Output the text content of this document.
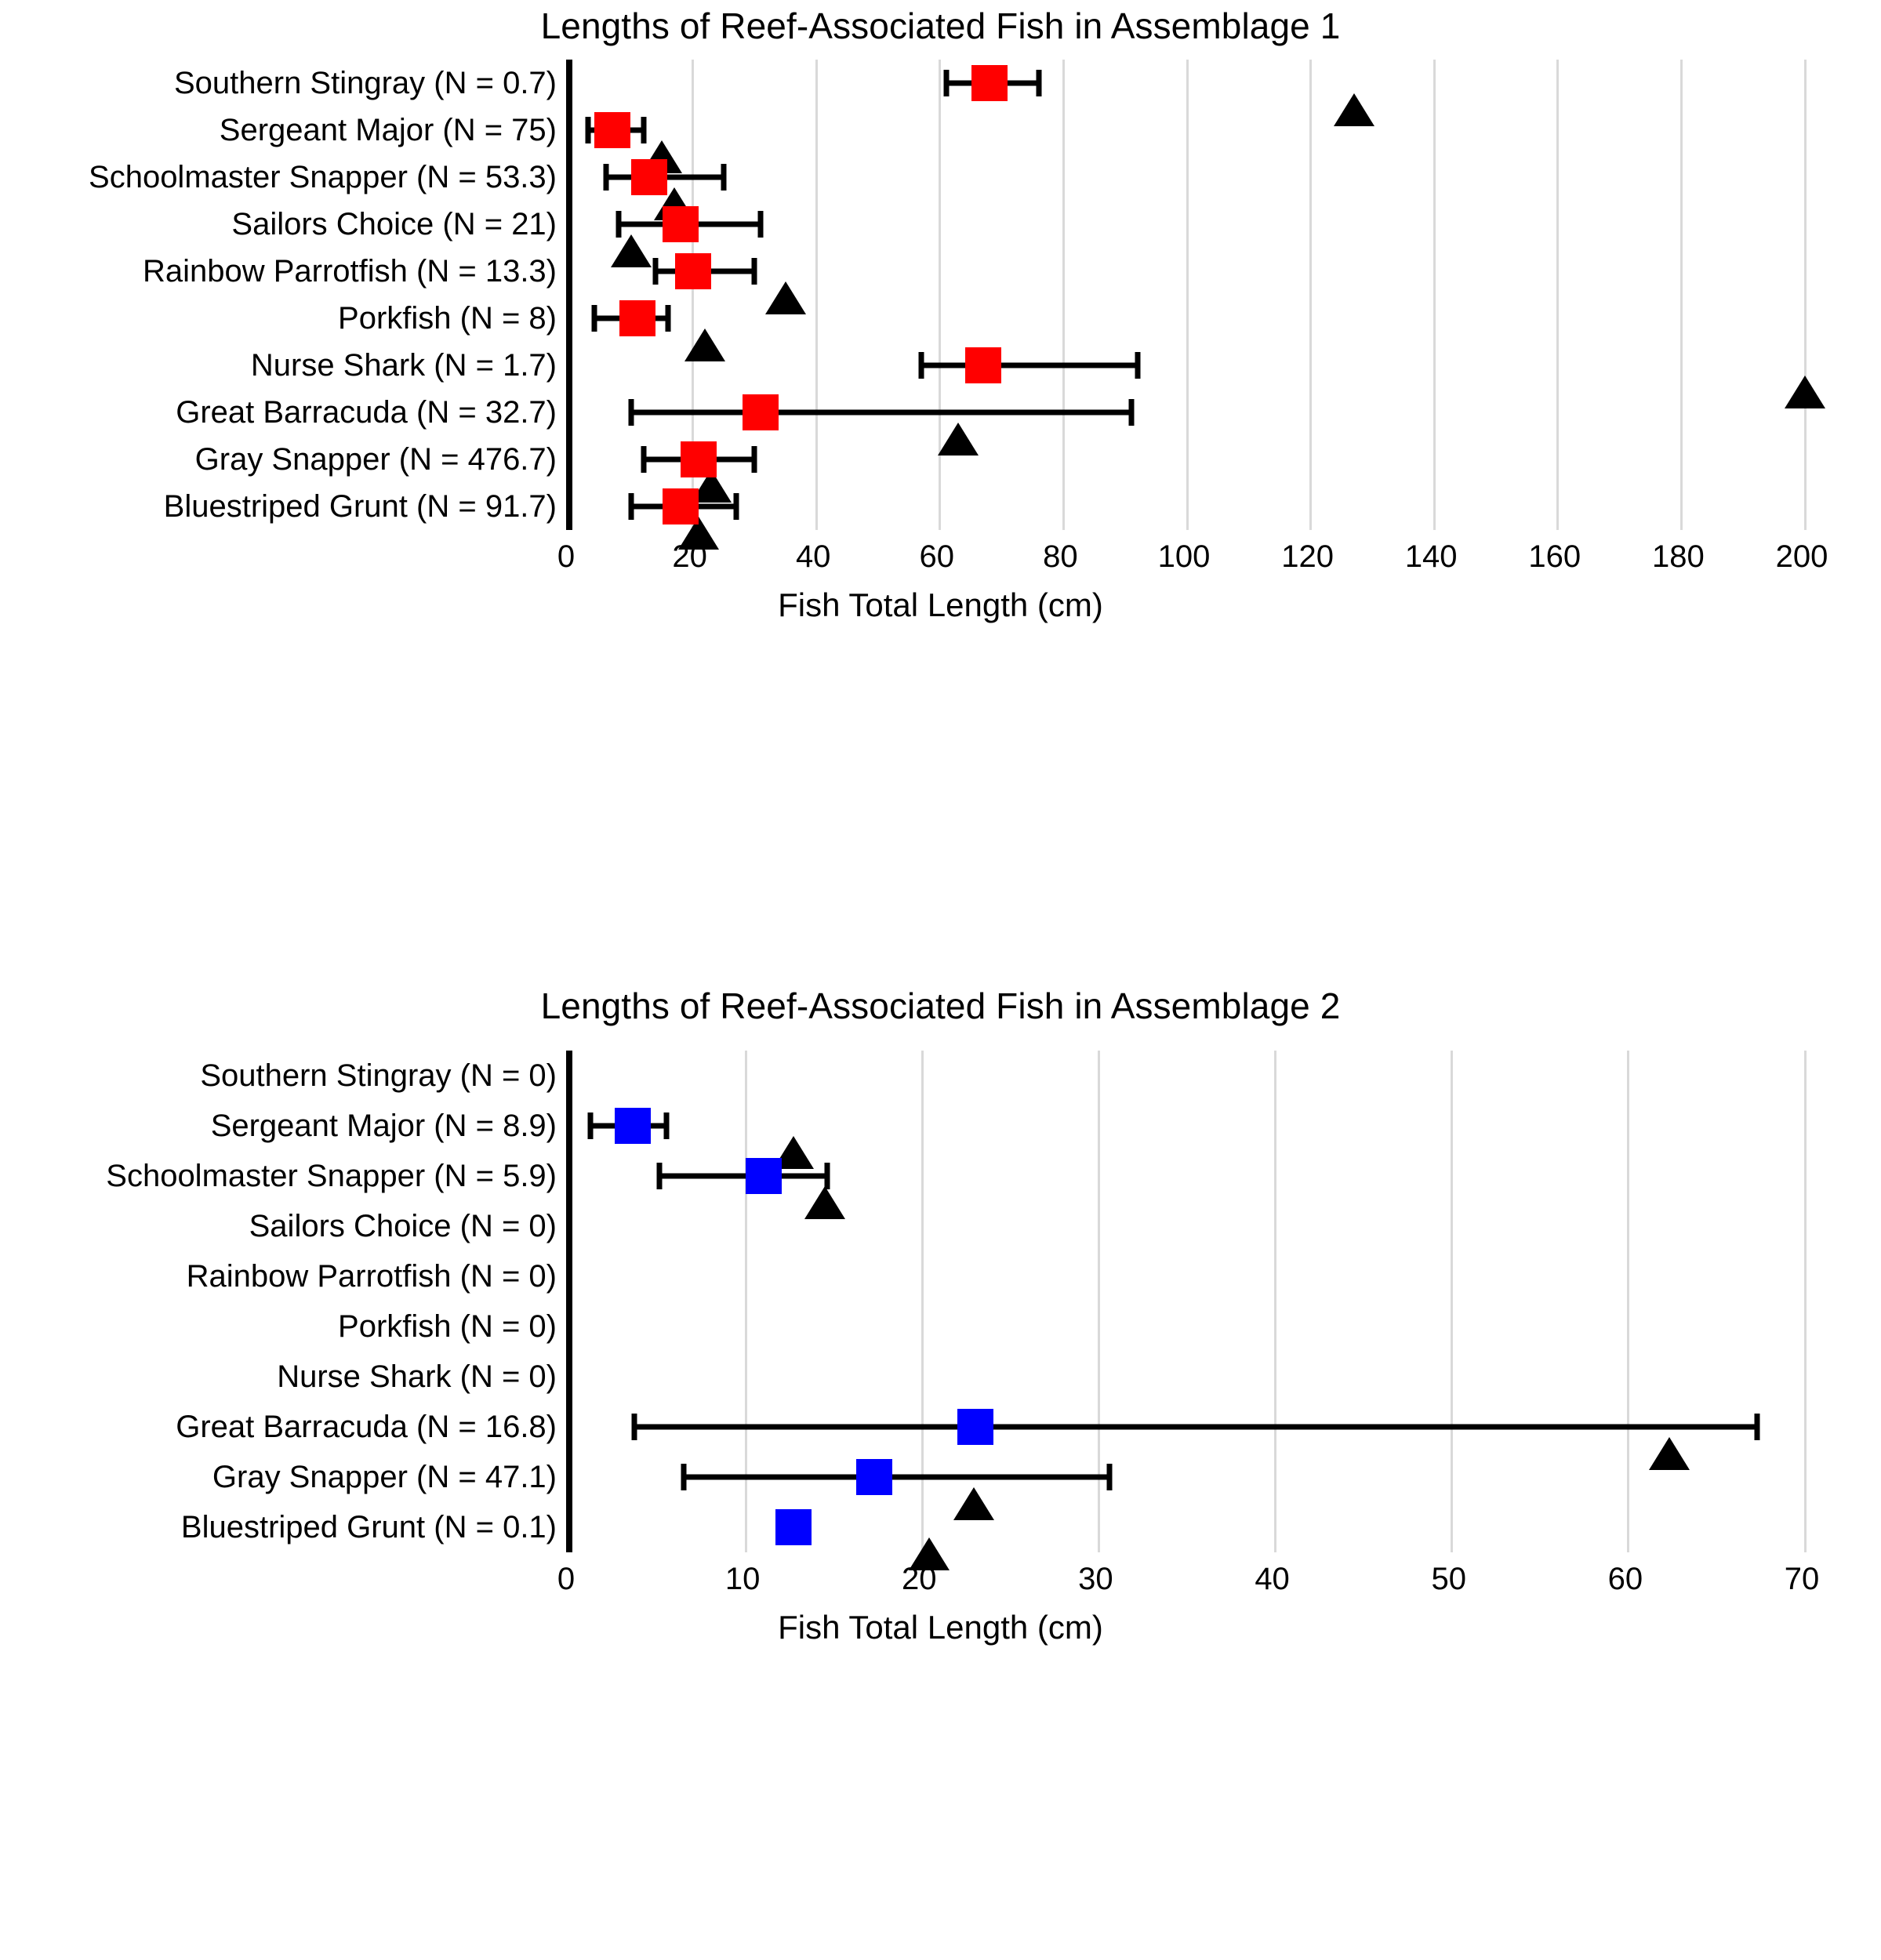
Lengths of Reef-Associated Fish in Assemblage 1
Southern Stingray (N = 0.7)
Sergeant Major (N = 75)
Schoolmaster Snapper (N = 53.3)
Sailors Choice (N = 21)
Rainbow Parrotfish (N = 13.3)
Porkfish (N = 8)
Nurse Shark (N = 1.7)
Great Barracuda (N = 32.7)
Gray Snapper (N = 476.7)
Bluestriped Grunt (N = 91.7)
0	20	40	60	80	100 120 140 160 180 200
Fish Total Length (cm)
Lengths of Reef-Associated Fish in Assemblage 2
Southern Stingray (N = 0)
Sergeant Major (N = 8.9)
Schoolmaster Snapper (N = 5.9)
Sailors Choice (N = 0)
Rainbow Parrotfish (N = 0)
Porkfish (N = 0)
Nurse Shark (N = 0)
Great Barracuda (N = 16.8)
Gray Snapper (N = 47.1)
Bluestriped Grunt (N = 0.1)
0	10	20	30	40	50	60	70
Fish Total Length (cm)
